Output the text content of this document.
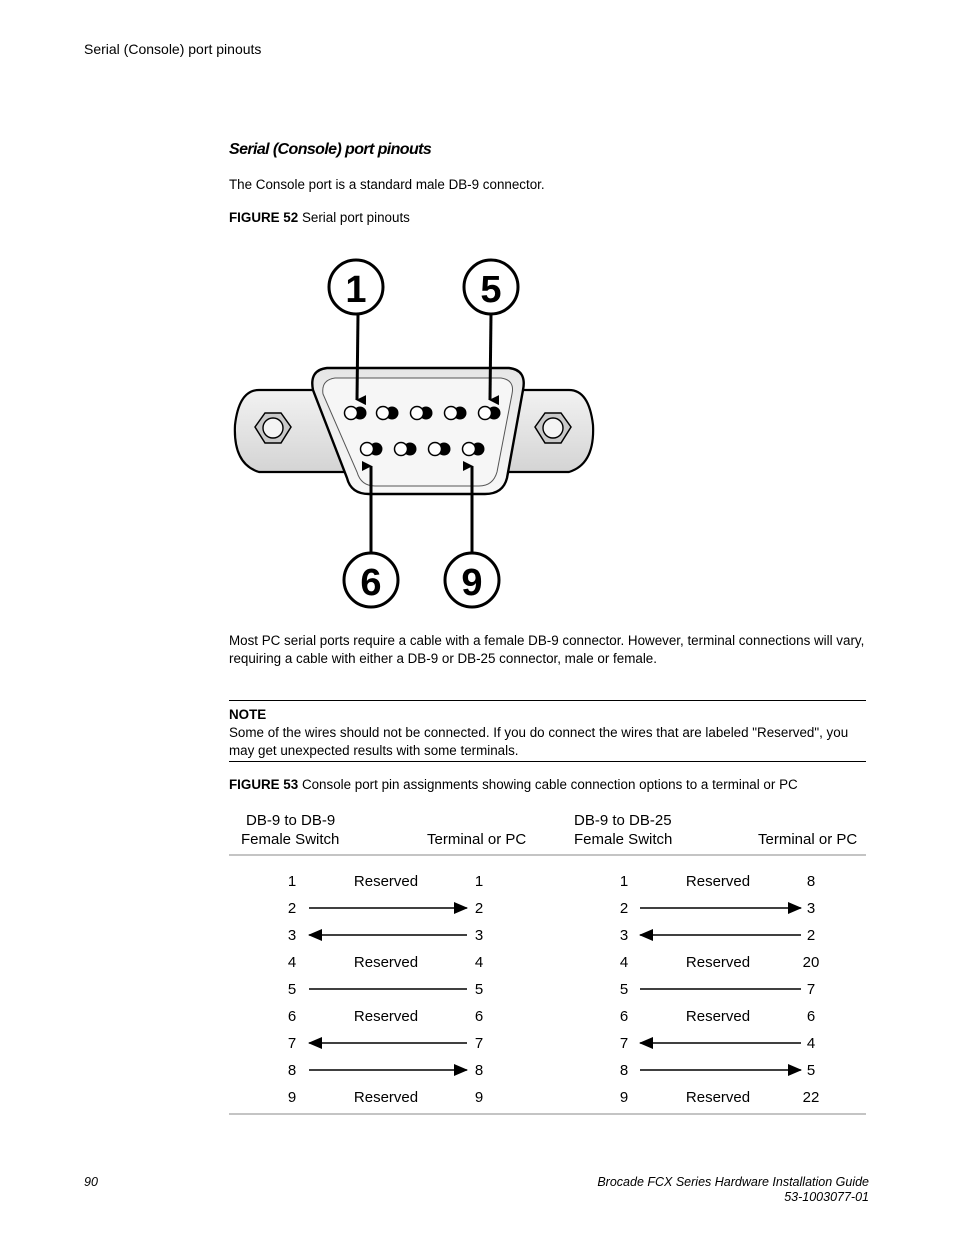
Serial (Console) port pinouts
Serial (Console) port pinouts
The Console port is a standard male DB-9 connector.
FIGURE 52 Serial port pinouts
1	5
6 9
Most PC serial ports require a cable with a female DB-9 connector. However, terminal connections will vary, requiring a cable with either a DB-9 or DB-25 connector, male or female.
NOTE
Some of the wires should not be connected. If you do connect the wires that are labeled "Reserved", you may get unexpected results with some terminals.
FIGURE 53 Console port pin assignments showing cable connection options to a terminal or PC
DB-9 to DB-9
Female Switch	Terminal or PC
1	Reserved	1
2	2
3	3
4	Reserved	4
5	5
6	Reserved	6
7	7
8	8
9	Reserved	9
DB-9 to DB-25
Female Switch	Terminal or PC
1	Reserved	8
2	3
3	2
4	Reserved	20
5	7
6	Reserved	6
7	4
8	5
9	Reserved	22
90	Brocade FCX Series Hardware Installation Guide
53-1003077-01
